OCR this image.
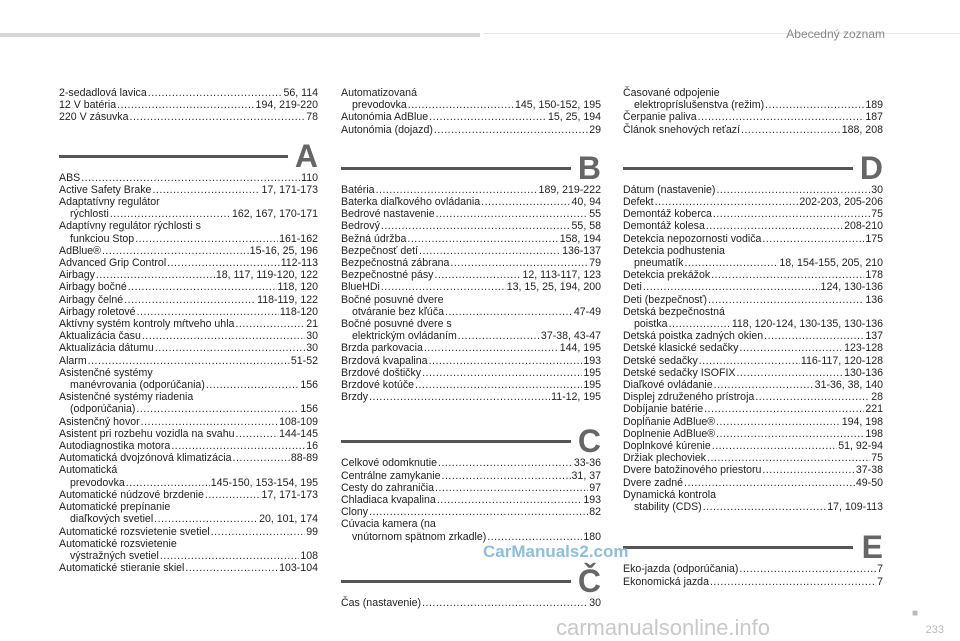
Abecedný zoznam
2-sedadlová lavica .....	56, 114
12 V batéria .....	194, 219-220
220 V zásuvka .....	78
A
ABS .....	110
Active Safety Brake .....	17, 171-173
Adaptatívny regulátor
rýchlosti .....	162, 167, 170-171
Adaptívny regulátor rýchlosti s
funkciou Stop .....	161-162
AdBlue® .....	15-16, 25, 196
Advanced Grip Control .....	112-113
Airbagy .....	18, 117, 119-120, 122
Airbagy bočné .....	118, 120
Airbagy čelné .....	118-119, 122
Airbagy roletové .....	118-120
Aktívny systém kontroly mŕtveho uhla .....	21
Aktualizácia času .....	30
Aktualizácia dátumu .....	30
Alarm .....	51-52
Asistenčné systémy
manévrovania (odporúčania) .....	156
Asistenčné systémy riadenia
(odporúčania) .....	156
Asistenčný hovor .....	108-109
Asistent pri rozbehu vozidla na svahu .....	144-145
Autodiagnostika motora .....	16
Automatická dvojzónová klimatizácia .....	88-89
Automatická
prevodovka .....	145-150, 153-154, 195
Automatické núdzové brzdenie .....	17, 171-173
Automatické prepínanie
diaľkových svetiel .....	20, 101, 174
Automatické rozsvietenie svetiel .....	99
Automatické rozsvietenie
výstražných svetiel .....	108
Automatické stieranie skiel .....	103-104
Automatizovaná
prevodovka .....	145, 150-152, 195
Autonómia AdBlue .....	15, 25, 194
Autonómia (dojazd) .....	29
B
Batéria .....	189, 219-222
Baterka diaľkového ovládania .....	40, 94
Bedrové nastavenie .....	55
Bedrový .....	55, 58
Bežná údržba .....	158, 194
Bezpečnosť detí .....	136-137
Bezpečnostná zábrana .....	79
Bezpečnostné pásy .....	12, 113-117, 123
BlueHDi .....	13, 15, 25, 194, 200
Bočné posuvné dvere
otváranie bez kľúča .....	47-49
Bočné posuvné dvere s
elektrickým ovládaním .....	37-38, 43-47
Brzda parkovacia .....	144, 195
Brzdová kvapalina .....	193
Brzdové doštičky .....	195
Brzdové kotúče .....	195
Brzdy .....	11-12, 195
C
Celkové odomknutie .....	33-36
Centrálne zamykanie .....	31, 37
Cesty do zahraničia .....	97
Chladiaca kvapalina .....	193
Clony .....	82
Cúvacia kamera (na
vnútornom spätnom zrkadle) .....	180
Č
Čas (nastavenie) .....	30
Časované odpojenie
elektropríslušenstva (režim) .....	189
Čerpanie paliva .....	187
Článok snehových reťazí .....	188, 208
D
Dátum (nastavenie) .....	30
Defekt .....	202-203, 205-206
Demontáž koberca .....	75
Demontáž kolesa .....	208-210
Detekcia nepozornosti vodiča .....	175
Detekcia podhustenia
pneumatík .....	18, 154-155, 205, 210
Detekcia prekážok .....	178
Deti .....	124, 130-136
Deti (bezpečnosť) .....	136
Detská bezpečnostná
poistka .....	118, 120-124, 130-135, 130-136
Detská poistka zadných okien .....	137
Detské klasické sedačky .....	123-128
Detské sedačky .....	116-117, 120-128
Detské sedačky ISOFIX .....	130-136
Diaľkové ovládanie .....	31-36, 38, 140
Displej združeného prístroja .....	28
Dobíjanie batérie .....	221
Dopĺňanie AdBlue® .....	194, 198
Doplnenie AdBlue® .....	198
Doplnkové kúrenie .....	51, 92-94
Držiak plechoviek .....	75
Dvere batožinového priestoru .....	37-38
Dvere zadné .....	49-50
Dynamická kontrola
stability (CDS) .....	17, 109-113
E
Eko-jazda (odporúčania) .....	7
Ekonomická jazda .....	7
CarManuals2.com
carmanualsonline.info
■
233
